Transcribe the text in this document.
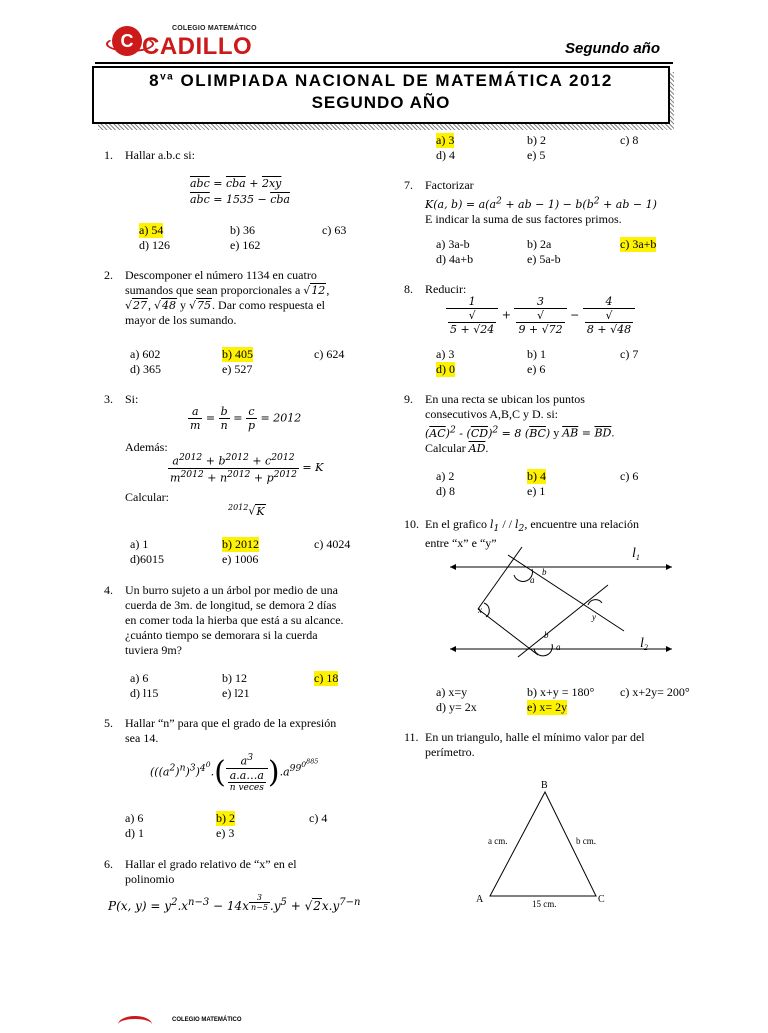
C
COLEGIO MATEMÁTICO
CADILLO	Segundo año
$8^{va}$ OLIMPIADA NACIONAL DE MATEMÁTICA 2012
SEGUNDO AÑO
1. Hallar a.b.c si:
$\overline{abc} = \overline{cba} + 2xy$
$\overline{abc} = 1535 - \overline{cba}$
a) 54	b) 36	c) 63
d) 126	e) 162
2. Descomponer el número 1134 en cuatro
sumandos que sean proporcionales a √12,
√27, √48 y √75. Dar como respuesta el
mayor de los sumando.
a) 602	b) 405	c) 624
d) 365	e) 527
3. Si:
$\frac{a}{m} = \frac{b}{n} = \frac{c}{p} = 2012$
Además:
$\frac{a^{2012} + b^{2012} + c^{2012}}{m^{2012} + n^{2012} + p^{2012}} = K$
Calcular:
$^{2012}$√K
a) 1	b) 2012	c) 4024
d)6015	e) 1006
4. Un burro sujeto a un árbol por medio de una
cuerda de 3m. de longitud, se demora 2 días
en comer toda la hierba que está a su alcance.
¿cuánto tiempo se demorara si la cuerda
tuviera 9m?
a) 6	b) 12	c) 18
d) l15	e) l21
5. Hallar “n” para que el grado de la expresión
sea 14.
$(((a^2)^n)^3)^{4^0}$.(	$a^3$
a.a…a

n veces )$.a^{99^{0^{885}}}$
a) 6	b) 2	c) 4
d) 1	e) 3
6. Hallar el grado relativo de “x” en el
polinomio
P(x, $y) = y^2.x^{n-3} - 14x$ $^{\frac{3}{n-5}}$ $.y^5 + √2x.y^{7-n}$
a) 3	b) 2	c) 8
d) 4	e) 5
7. Factorizar
K(a, $b) = a(a^2$ + ab − $1) - b(b^2$ + ab − 1)
E indicar la suma de sus factores primos.
a) 3a-b	b) 2a	c) 3a+b
d) 4a+b	e) 5a-b
8. Reducir:
1
√
5 + √24 + 3
√
9 + √72 − 4
√
8 + √48
a) 3	b) 1	c) 7
d) 0	e) 6
9. En una recta se ubican los puntos
consecutivos A,B,C y D. si:
$(\overline{AC})^2 - (\overline{CD})^2 = 8$ $(\overline{BC})$ y $\overline{AB} = \overline{BD}$.
Calcular $\overline{AD}$.
a) 2	b) 4	c) 6
d) 8	e) 1
10. En el grafico $l_1$ / / $l_2$, encuentre una relación
entre “x” e “y”
$l_1$
$l_2$
a
b
x
y
b
a
a) x=y	b) x+y = 180° c) x+2y= 200°
d) y= 2x	e) x= 2y
11. En un triangulo, halle el mínimo valor par del
perímetro.
B
A	C
a cm.	b cm.
15 cm.
COLEGIO MATEMÁTICO
